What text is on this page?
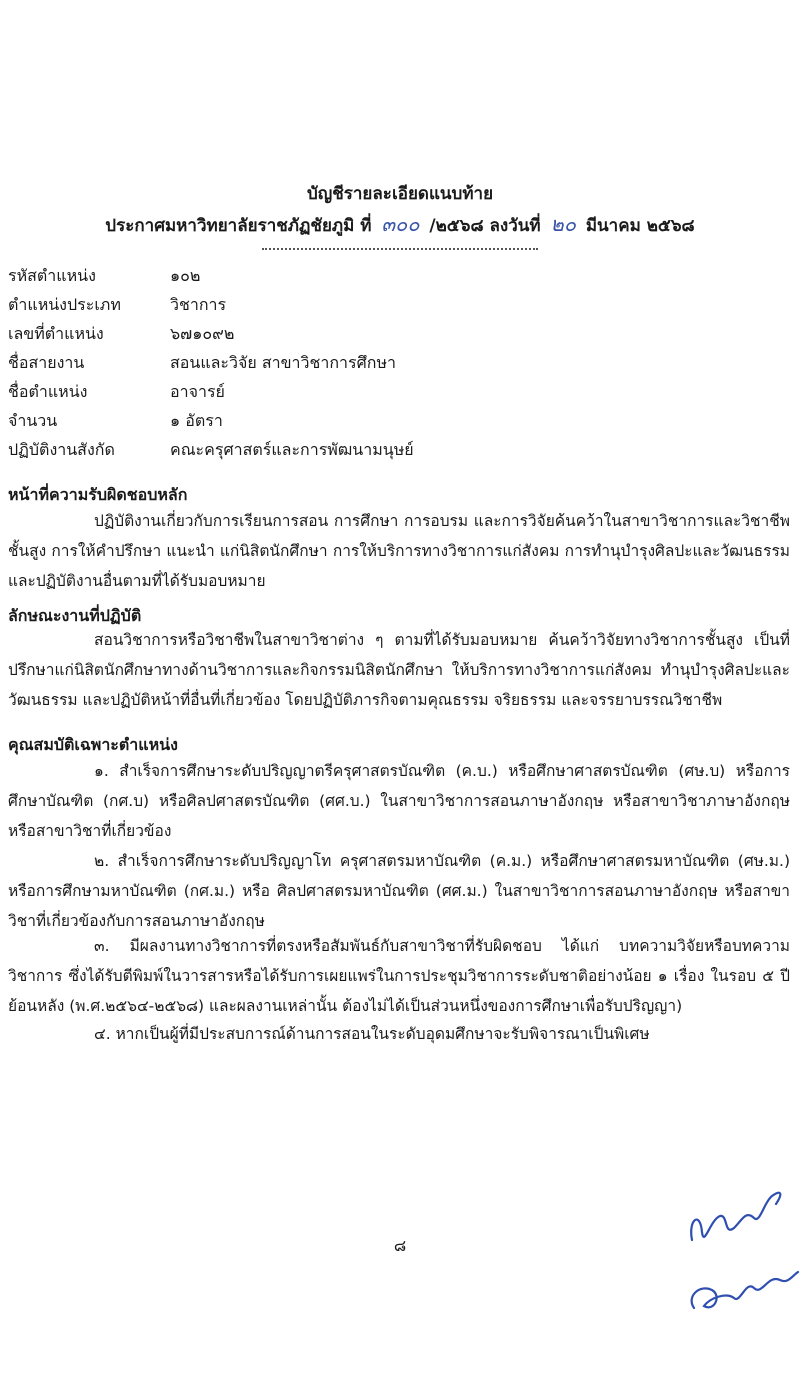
บัญชีรายละเอียดแนบท้าย
ประกาศมหาวิทยาลัยราชภัฏชัยภูมิ ที่ ๓๐๐ /๒๕๖๘ ลงวันที่ ๒๐ มีนาคม ๒๕๖๘
รหัสตำแหน่ง	๑๐๒
ตำแหน่งประเภท	วิชาการ
เลขที่ตำแหน่ง	๖๗๑๐๙๒
ชื่อสายงาน	สอนและวิจัย สาขาวิชาการศึกษา
ชื่อตำแหน่ง	อาจารย์
จำนวน	๑ อัตรา
ปฏิบัติงานสังกัด	คณะครุศาสตร์และการพัฒนามนุษย์
หน้าที่ความรับผิดชอบหลัก

ปฏิบัติงานเกี่ยวกับการเรียนการสอน การศึกษา การอบรม และการวิจัยค้นคว้าในสาขาวิชาการและวิชาชีพชั้นสูง การให้คำปรึกษา แนะนำ แก่นิสิตนักศึกษา การให้บริการทางวิชาการแก่สังคม การทำนุบำรุงศิลปะและวัฒนธรรม และปฏิบัติงานอื่นตามที่ได้รับมอบหมาย

ลักษณะงานที่ปฏิบัติ

สอนวิชาการหรือวิชาชีพในสาขาวิชาต่าง ๆ ตามที่ได้รับมอบหมาย ค้นคว้าวิจัยทางวิชาการชั้นสูง เป็นที่ปรึกษาแก่นิสิตนักศึกษาทางด้านวิชาการและกิจกรรมนิสิตนักศึกษา ให้บริการทางวิชาการแก่สังคม ทำนุบำรุงศิลปะและวัฒนธรรม และปฏิบัติหน้าที่อื่นที่เกี่ยวข้อง โดยปฏิบัติภารกิจตามคุณธรรม จริยธรรม และจรรยาบรรณวิชาชีพ

คุณสมบัติเฉพาะตำแหน่ง

๑. สำเร็จการศึกษาระดับปริญญาตรีครุศาสตรบัณฑิต (ค.บ.) หรือศึกษาศาสตรบัณฑิต (ศษ.บ) หรือการศึกษาบัณฑิต (กศ.บ) หรือศิลปศาสตรบัณฑิต (ศศ.บ.) ในสาขาวิชาการสอนภาษาอังกฤษ หรือสาขาวิชาภาษาอังกฤษ หรือสาขาวิชาที่เกี่ยวข้อง

๒. สำเร็จการศึกษาระดับปริญญาโท ครุศาสตรมหาบัณฑิต (ค.ม.) หรือศึกษาศาสตรมหาบัณฑิต (ศษ.ม.) หรือการศึกษามหาบัณฑิต (กศ.ม.) หรือ ศิลปศาสตรมหาบัณฑิต (ศศ.ม.) ในสาขาวิชาการสอนภาษาอังกฤษ หรือสาขาวิชาที่เกี่ยวข้องกับการสอนภาษาอังกฤษ

๓. มีผลงานทางวิชาการที่ตรงหรือสัมพันธ์กับสาขาวิชาที่รับผิดชอบ ได้แก่ บทความวิจัยหรือบทความวิชาการ ซึ่งได้รับตีพิมพ์ในวารสารหรือได้รับการเผยแพร่ในการประชุมวิชาการระดับชาติอย่างน้อย ๑ เรื่อง ในรอบ ๕ ปีย้อนหลัง (พ.ศ.๒๕๖๔-๒๕๖๘) และผลงานเหล่านั้น ต้องไม่ได้เป็นส่วนหนึ่งของการศึกษาเพื่อรับปริญญา)

๔. หากเป็นผู้ที่มีประสบการณ์ด้านการสอนในระดับอุดมศึกษาจะรับพิจารณาเป็นพิเศษ

๘
